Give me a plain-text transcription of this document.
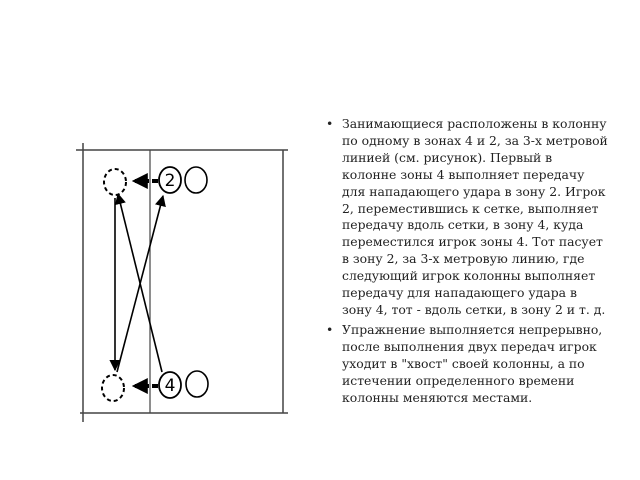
2
4
• Занимающиеся расположены в колонну по одному в зонах 4 и 2, за 3-х метровой линией (см. рисунок). Первый в колонне зоны 4 выполняет передачу для нападающего удара в зону 2. Игрок 2, переместившись к сетке, выполняет передачу вдоль сетки, в зону 4, куда переместился игрок зоны 4. Тот пасует в зону 2, за 3-х метровую линию, где следующий игрок колонны выполняет передачу для нападающего удара в зону 4, тот - вдоль сетки, в зону 2 и т. д.
• Упражнение выполняется непрерывно, после выполнения двух передач игрок уходит в "хвост" своей колонны, а по истечении определенного времени колонны меняются местами.
